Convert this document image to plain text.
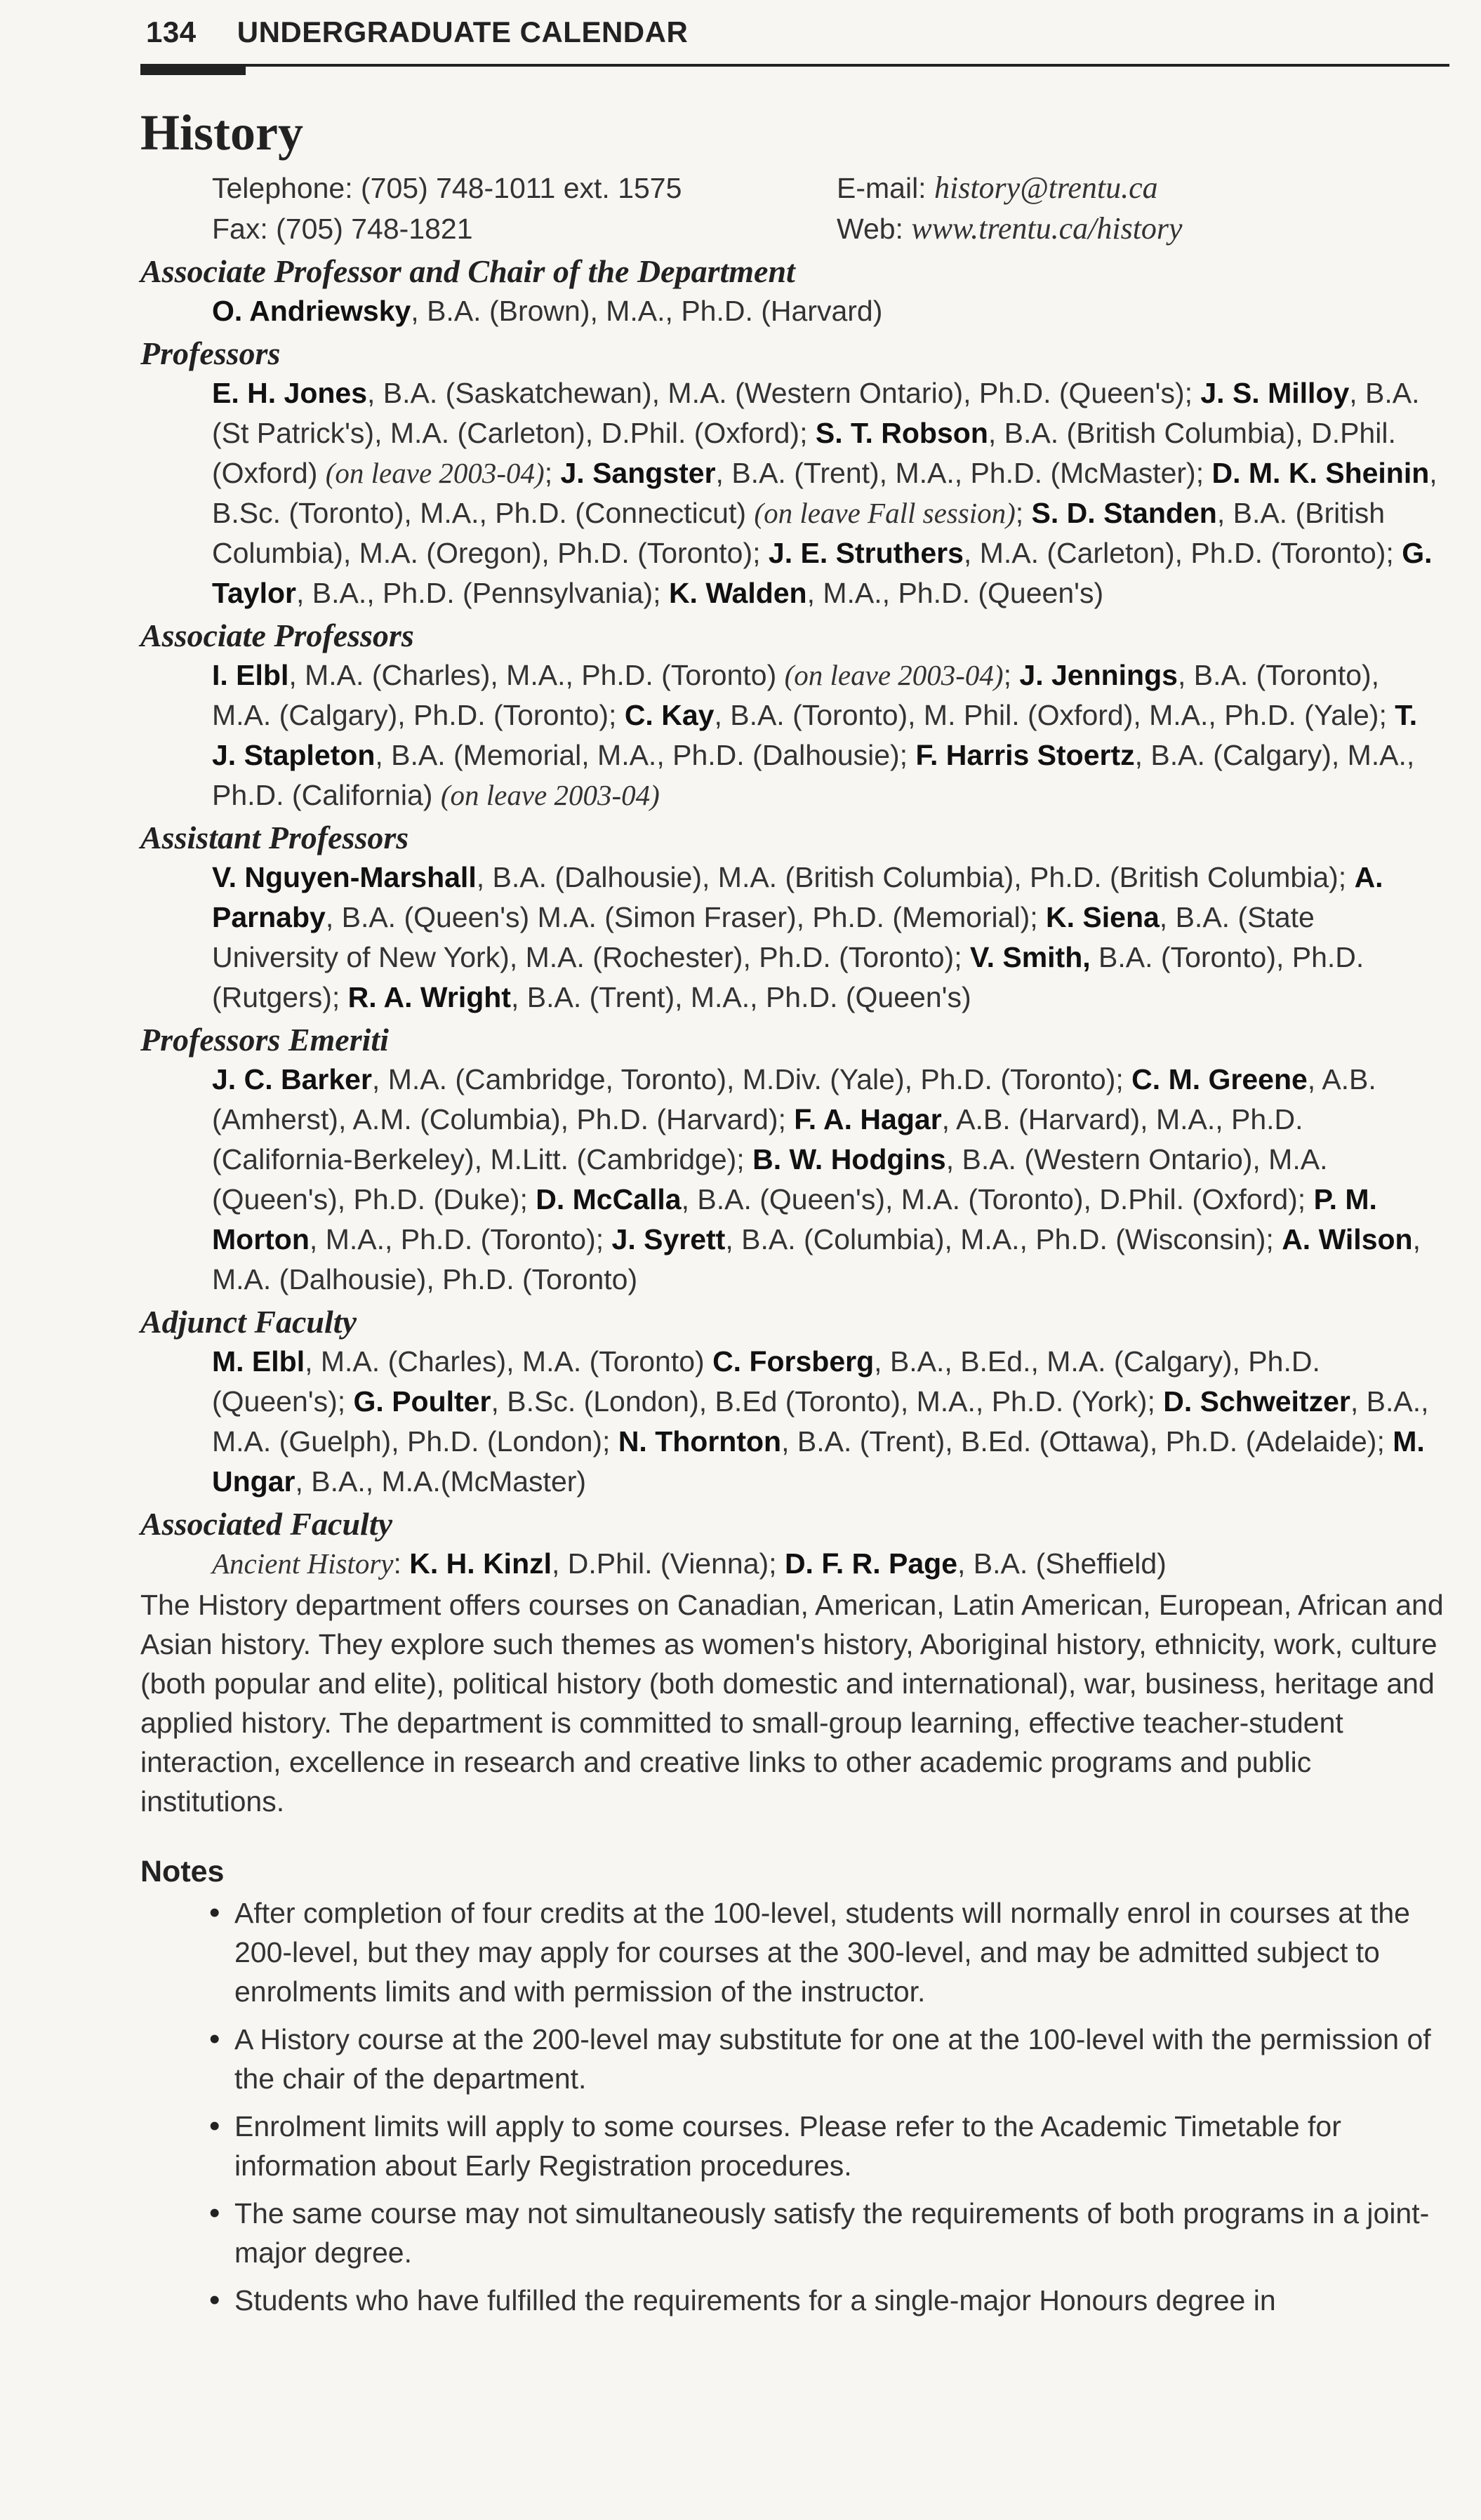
134 UNDERGRADUATE CALENDAR
History
Telephone: (705) 748-1011 ext. 1575	E-mail: history@trentu.ca
Fax: (705) 748-1821	Web: www.trentu.ca/history
Associate Professor and Chair of the Department
O. Andriewsky, B.A. (Brown), M.A., Ph.D. (Harvard)
Professors
E. H. Jones, B.A. (Saskatchewan), M.A. (Western Ontario), Ph.D. (Queen's); J. S. Milloy, B.A. (St Patrick's), M.A. (Carleton), D.Phil. (Oxford); S. T. Robson, B.A. (British Columbia), D.Phil. (Oxford) (on leave 2003-04); J. Sangster, B.A. (Trent), M.A., Ph.D. (McMaster); D. M. K. Sheinin, B.Sc. (Toronto), M.A., Ph.D. (Connecticut) (on leave Fall session); S. D. Standen, B.A. (British Columbia), M.A. (Oregon), Ph.D. (Toronto); J. E. Struthers, M.A. (Carleton), Ph.D. (Toronto); G. Taylor, B.A., Ph.D. (Pennsylvania); K. Walden, M.A., Ph.D. (Queen's)
Associate Professors
I. Elbl, M.A. (Charles), M.A., Ph.D. (Toronto) (on leave 2003-04); J. Jennings, B.A. (Toronto), M.A. (Calgary), Ph.D. (Toronto); C. Kay, B.A. (Toronto), M. Phil. (Oxford), M.A., Ph.D. (Yale); T. J. Stapleton, B.A. (Memorial, M.A., Ph.D. (Dalhousie); F. Harris Stoertz, B.A. (Calgary), M.A., Ph.D. (California) (on leave 2003-04)
Assistant Professors
V. Nguyen-Marshall, B.A. (Dalhousie), M.A. (British Columbia), Ph.D. (British Columbia); A. Parnaby, B.A. (Queen's) M.A. (Simon Fraser), Ph.D. (Memorial); K. Siena, B.A. (State University of New York), M.A. (Rochester), Ph.D. (Toronto); V. Smith, B.A. (Toronto), Ph.D. (Rutgers); R. A. Wright, B.A. (Trent), M.A., Ph.D. (Queen's)
Professors Emeriti
J. C. Barker, M.A. (Cambridge, Toronto), M.Div. (Yale), Ph.D. (Toronto); C. M. Greene, A.B. (Amherst), A.M. (Columbia), Ph.D. (Harvard); F. A. Hagar, A.B. (Harvard), M.A., Ph.D. (California-Berkeley), M.Litt. (Cambridge); B. W. Hodgins, B.A. (Western Ontario), M.A. (Queen's), Ph.D. (Duke); D. McCalla, B.A. (Queen's), M.A. (Toronto), D.Phil. (Oxford); P. M. Morton, M.A., Ph.D. (Toronto); J. Syrett, B.A. (Columbia), M.A., Ph.D. (Wisconsin); A. Wilson, M.A. (Dalhousie), Ph.D. (Toronto)
Adjunct Faculty
M. Elbl, M.A. (Charles), M.A. (Toronto) C. Forsberg, B.A., B.Ed., M.A. (Calgary), Ph.D. (Queen's); G. Poulter, B.Sc. (London), B.Ed (Toronto), M.A., Ph.D. (York); D. Schweitzer, B.A., M.A. (Guelph), Ph.D. (London); N. Thornton, B.A. (Trent), B.Ed. (Ottawa), Ph.D. (Adelaide); M. Ungar, B.A., M.A.(McMaster)
Associated Faculty
Ancient History: K. H. Kinzl, D.Phil. (Vienna); D. F. R. Page, B.A. (Sheffield)

The History department offers courses on Canadian, American, Latin American, European, African and Asian history. They explore such themes as women's history, Aboriginal history, ethnicity, work, culture (both popular and elite), political history (both domestic and international), war, business, heritage and applied history. The department is committed to small-group learning, effective teacher-student interaction, excellence in research and creative links to other academic programs and public institutions.

Notes
• After completion of four credits at the 100-level, students will normally enrol in courses at the 200-level, but they may apply for courses at the 300-level, and may be admitted subject to enrolments limits and with permission of the instructor.
• A History course at the 200-level may substitute for one at the 100-level with the permission of the chair of the department.
• Enrolment limits will apply to some courses. Please refer to the Academic Timetable for information about Early Registration procedures.
• The same course may not simultaneously satisfy the requirements of both programs in a joint-major degree.
• Students who have fulfilled the requirements for a single-major Honours degree in
